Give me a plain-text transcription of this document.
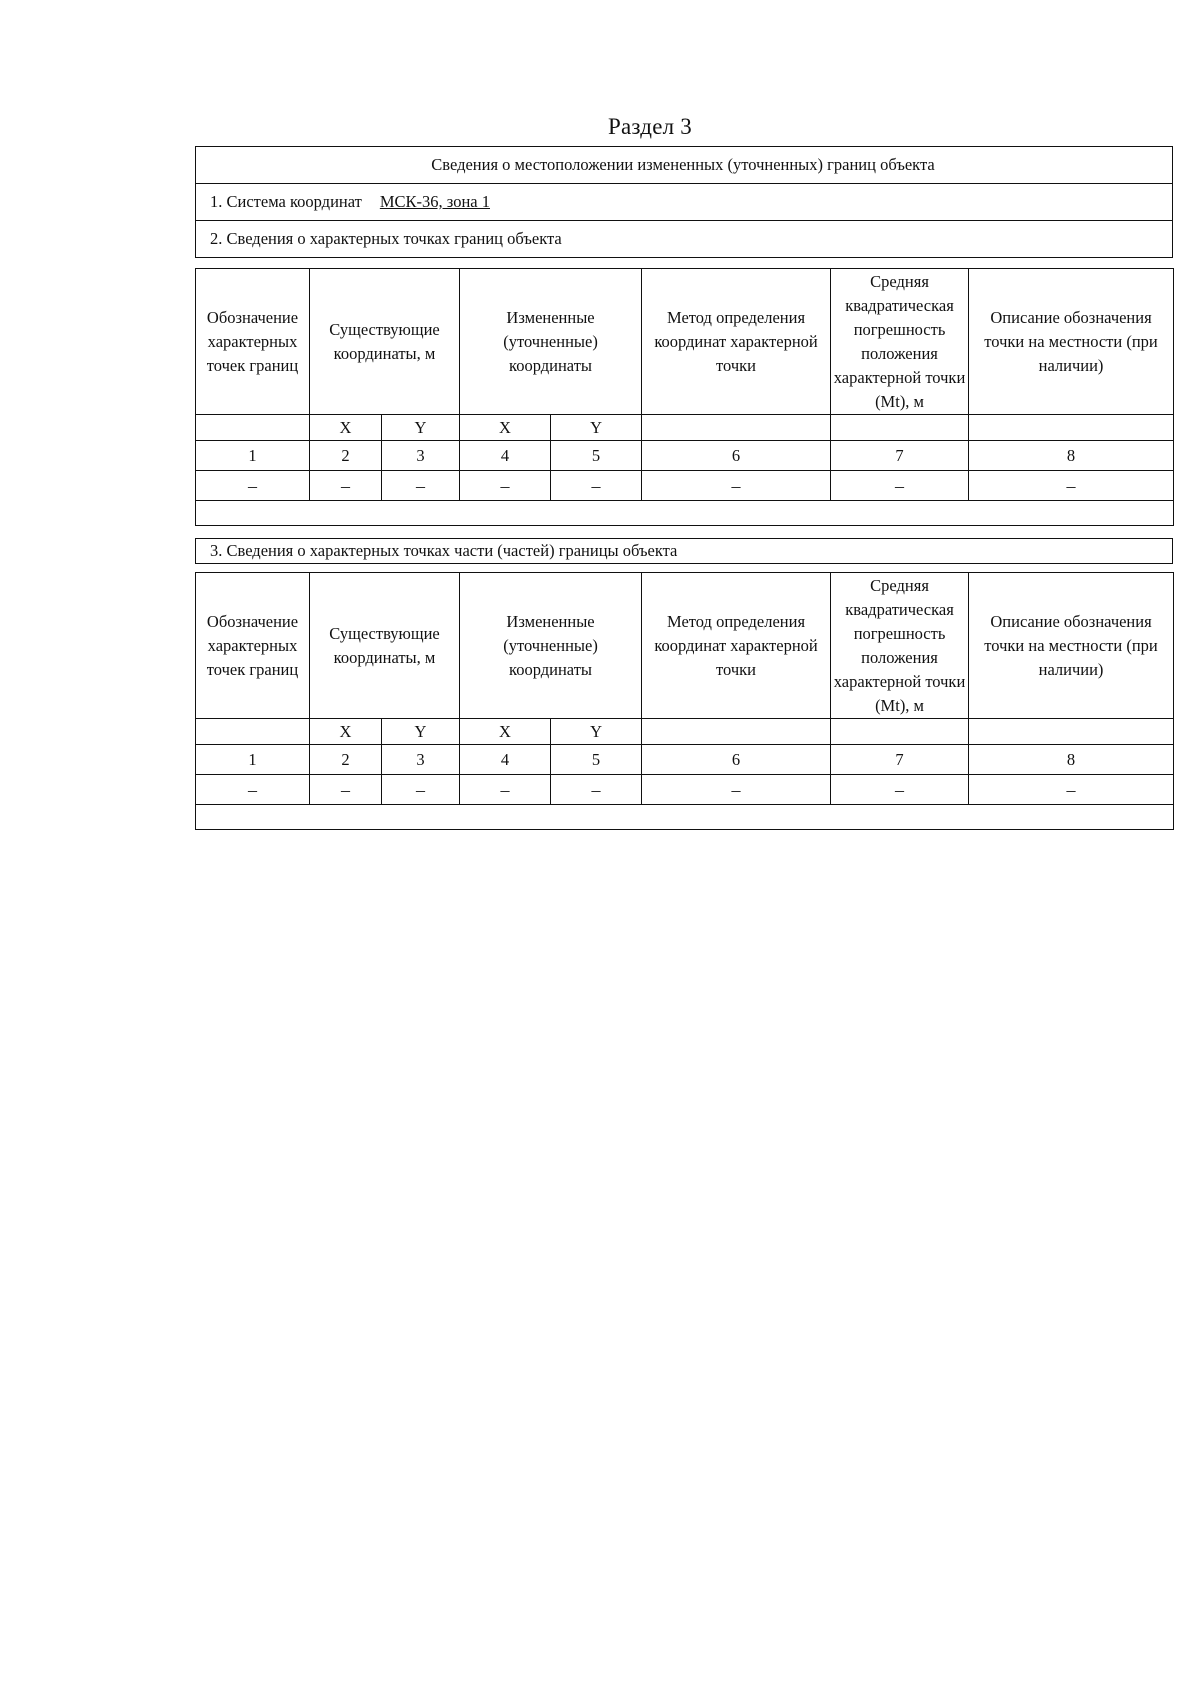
Раздел 3
Сведения о местоположении измененных (уточненных) границ объекта
1. Система координат МСК-36, зона 1
2. Сведения о характерных точках границ объекта
Обозначение характерных точек границ	Существующие координаты, м		Измененные (уточненные) координаты		Метод определения координат характерной точки	Средняя квадратическая погрешность положения характерной точки (Mt), м	Описание обозначения точки на местности (при наличии)
	X	Y	X	Y			
1	2	3	4	5	6	7	8
–	–	–	–	–	–	–	–

3. Сведения о характерных точках части (частей) границы объекта
Обозначение характерных точек границ	Существующие координаты, м		Измененные (уточненные) координаты		Метод определения координат характерной точки	Средняя квадратическая погрешность положения характерной точки (Mt), м	Описание обозначения точки на местности (при наличии)
	X	Y	X	Y			
1	2	3	4	5	6	7	8
–	–	–	–	–	–	–	–
